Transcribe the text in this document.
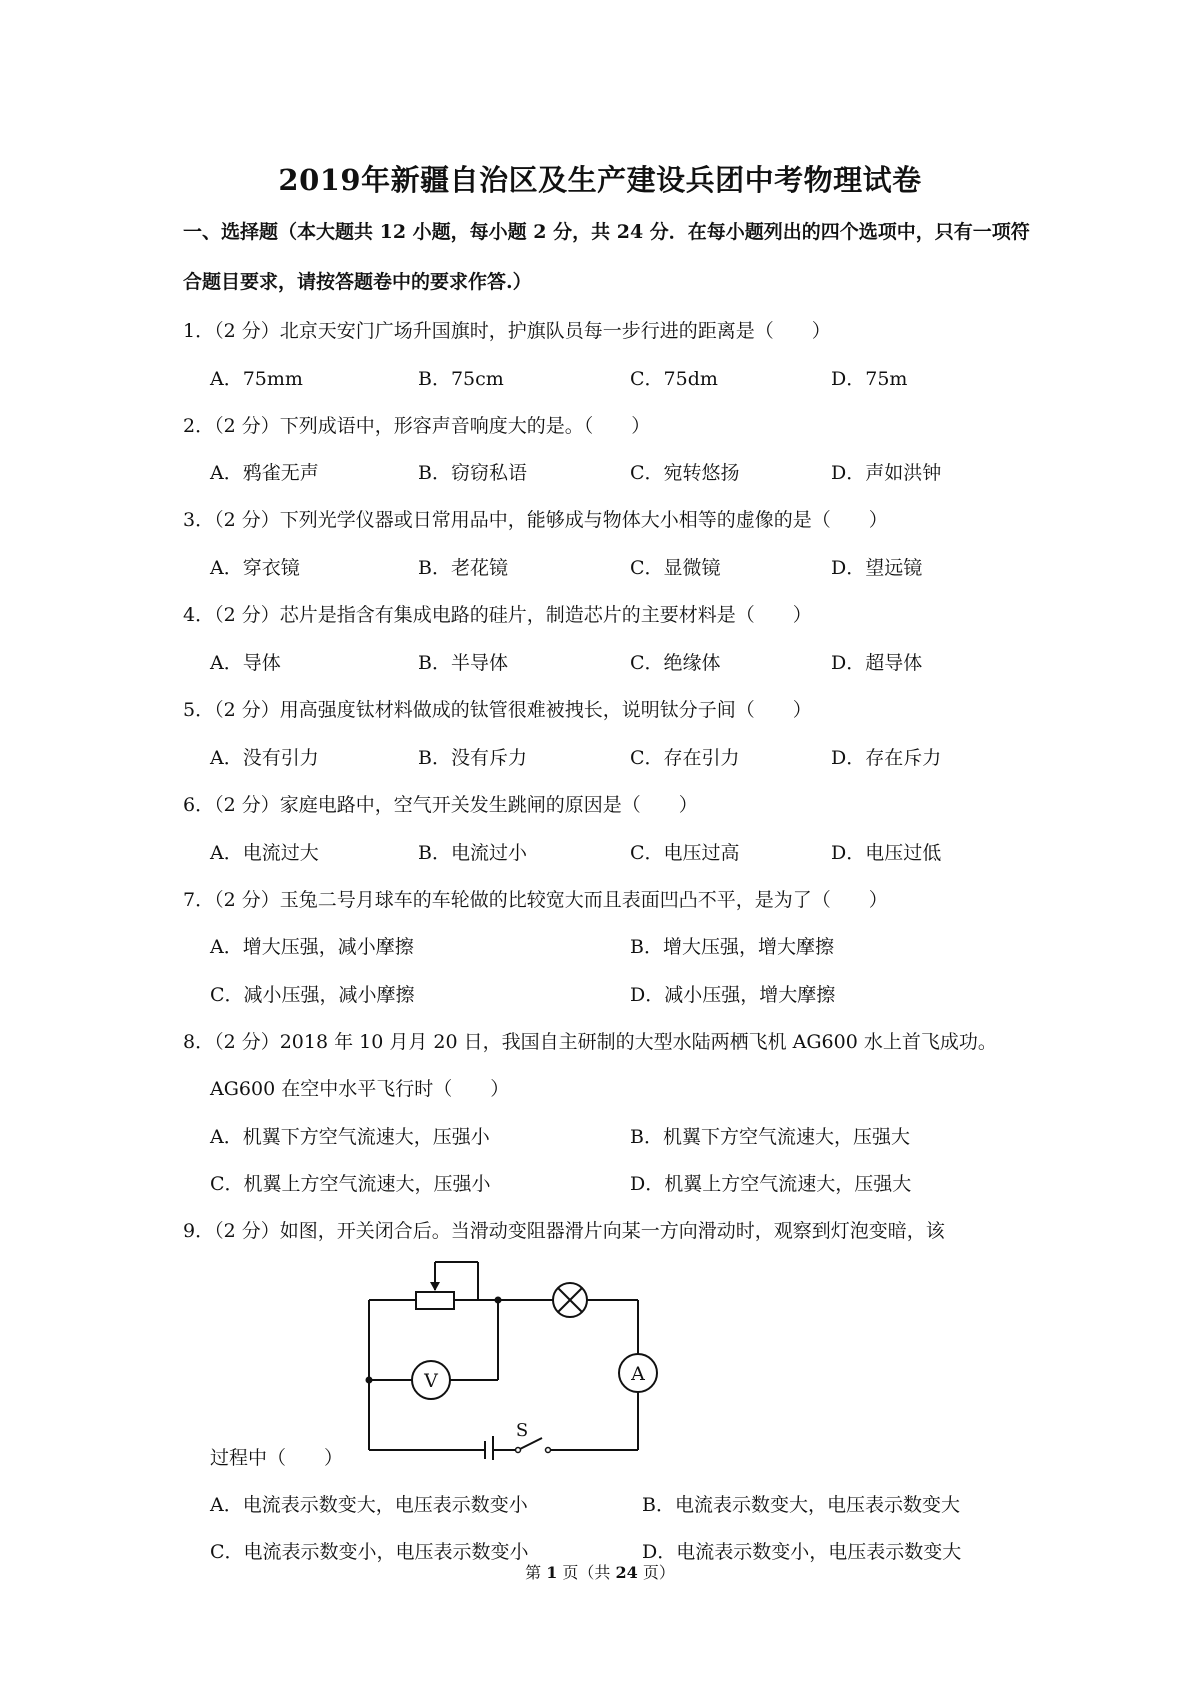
2019年新疆自治区及生产建设兵团中考物理试卷
一、选择题（本大题共 12 小题，每小题 2 分，共 24 分．在每小题列出的四个选项中，只有一项符合题目要求，请按答题卷中的要求作答.）
1．（2 分）北京天安门广场升国旗时，护旗队员每一步行进的距离是（　　）
A．75mm	B．75cm	C．75dm	D．75m
2．（2 分）下列成语中，形容声音响度大的是。（　　）
A．鸦雀无声	B．窃窃私语	C．宛转悠扬	D．声如洪钟
3．（2 分）下列光学仪器或日常用品中，能够成与物体大小相等的虚像的是（　　）
A．穿衣镜	B．老花镜	C．显微镜	D．望远镜
4．（2 分）芯片是指含有集成电路的硅片，制造芯片的主要材料是（　　）
A．导体	B．半导体	C．绝缘体	D．超导体
5．（2 分）用高强度钛材料做成的钛管很难被拽长，说明钛分子间（　　）
A．没有引力	B．没有斥力	C．存在引力	D．存在斥力
6．（2 分）家庭电路中，空气开关发生跳闸的原因是（　　）
A．电流过大	B．电流过小	C．电压过高	D．电压过低
7．（2 分）玉兔二号月球车的车轮做的比较宽大而且表面凹凸不平，是为了（　　）
A．增大压强，减小摩擦	B．增大压强，增大摩擦
C．减小压强，减小摩擦	D．减小压强，增大摩擦
8．（2 分）2018 年 10 月月 20 日，我国自主研制的大型水陆两栖飞机 AG600 水上首飞成功。
AG600 在空中水平飞行时（　　）
A．机翼下方空气流速大，压强小	B．机翼下方空气流速大，压强大
C．机翼上方空气流速大，压强小	D．机翼上方空气流速大，压强大
9．（2 分）如图，开关闭合后。当滑动变阻器滑片向某一方向滑动时，观察到灯泡变暗，该
V	A
S
过程中（　　）
A．电流表示数变大，电压表示数变小	B．电流表示数变大，电压表示数变大
C．电流表示数变小，电压表示数变小	D．电流表示数变小，电压表示数变大
第 1 页（共 24 页）
